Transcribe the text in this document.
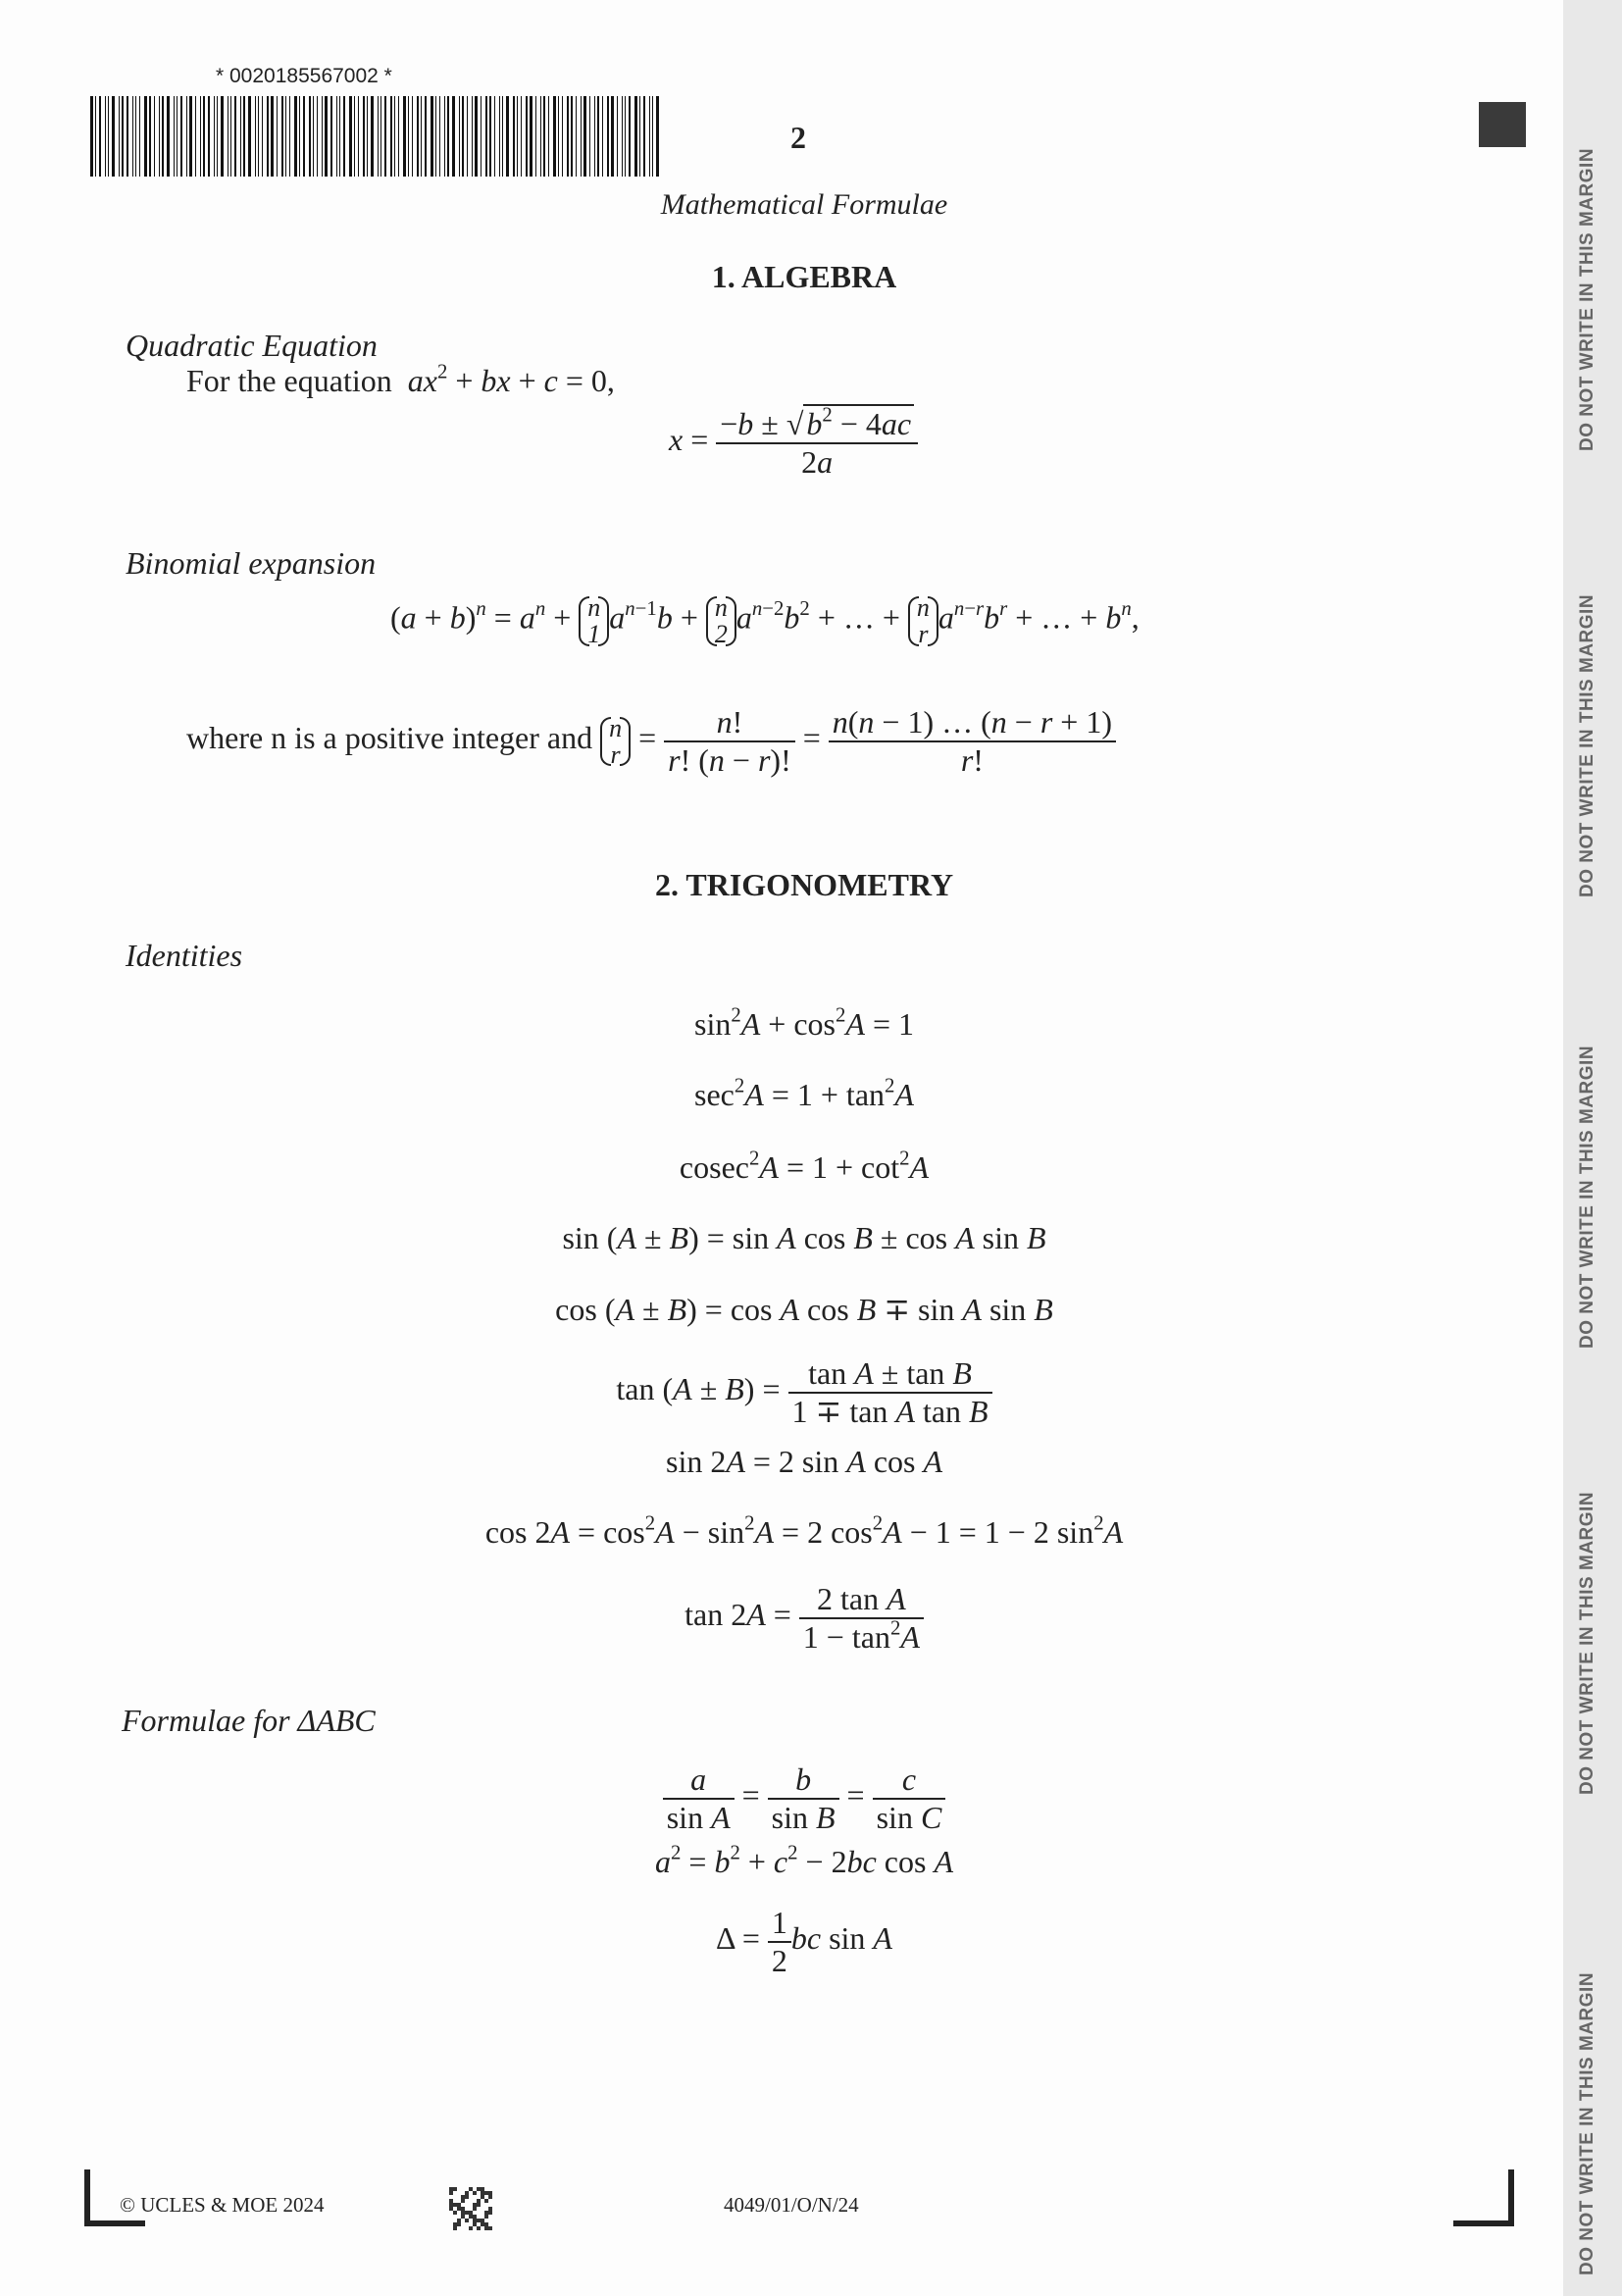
DO NOT WRITE IN THIS MARGIN
DO NOT WRITE IN THIS MARGIN
DO NOT WRITE IN THIS MARGIN
DO NOT WRITE IN THIS MARGIN
DO NOT WRITE IN THIS MARGIN
* 0020185567002 *
2
Mathematical Formulae
1. ALGEBRA
Quadratic Equation
For the equation $ax^2$ + bx + c = 0,
$x = \frac{-b \pm √b^2 - 4ac}{2a}$
Binomial expansion
$(a + b)^n = a^n + n$
1 $a^{n-1}b + n$
2 $a^{n-2}b^2$ + … + n
r $a^{n-r}b^r$ + … + $b^n$,
where n is a positive integer and n
$r = \frac{n!}{r! (n - r)!} = \frac{n(n - 1) \dots (n - r + 1)}{r!}$
2. TRIGONOMETRY
Identities
$\sin^2A + \cos^2A = 1$
$\sec^2A = 1 + \tan^2A$
$cosec^2A = 1 + \cot^2A$
sin (A ± B) = sin A cos B ± cos A sin B
cos (A ± B) = cos A cos B ∓ sin A sin B
$\tan (A \pm B) = \frac{\text{tan A ± tan B}}{\text{1 ∓ tan A tan B}}$
sin 2A = 2 sin A cos A
$\cos 2A = \cos^2A - \sin^2A = 2$ $\cos^2A - 1 = 1 - 2$ $\sin^2A$
$\tan 2A = \frac{\text{2 tan A}}{1 - \tan^2A}$
Formulae for ΔABC
$\frac{a}{\text{sin A}} = \frac{b}{\text{sin B}} = \frac{c}{\text{sin C}}$
$a^2 = b^2 + c^2 - 2bc$ cos A
$\Delta = \frac{1}{2}$ bc sin A
© UCLES & MOE 2024	4049/01/O/N/24
